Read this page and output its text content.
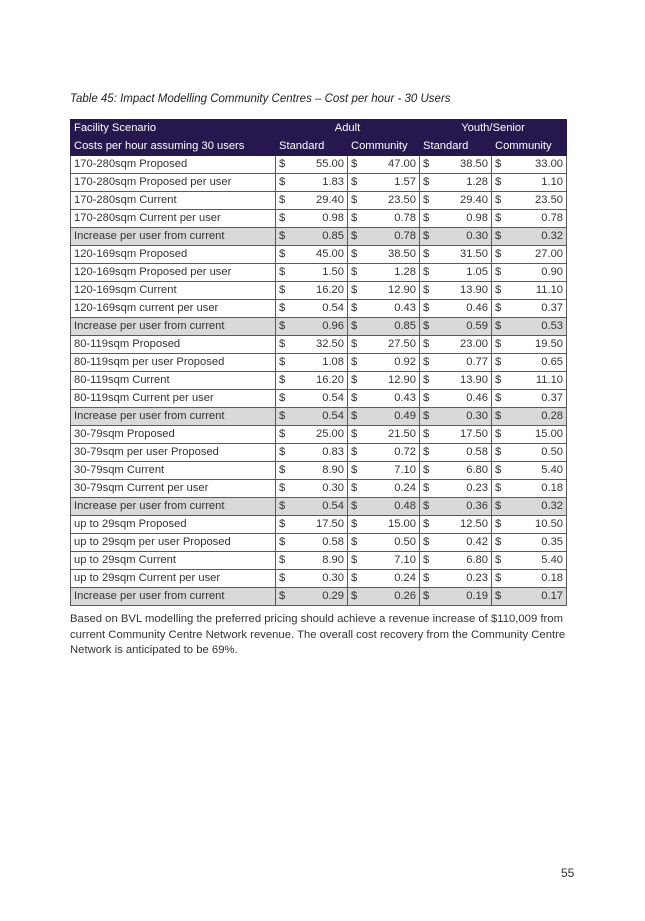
Table 45: Impact Modelling Community Centres – Cost per hour - 30 Users
Facility Scenario	Adult				Youth/Senior			
Costs per hour assuming 30 users	Standard		Community		Standard		Community	
170-280sqm Proposed	$	55.00	$	47.00	$	38.50	$	33.00
170-280sqm Proposed per user	$	1.83	$	1.57	$	1.28	$	1.10
170-280sqm Current	$	29.40	$	23.50	$	29.40	$	23.50
170-280sqm Current per user	$	0.98	$	0.78	$	0.98	$	0.78
Increase per user from current	$	0.85	$	0.78	$	0.30	$	0.32
120-169sqm Proposed	$	45.00	$	38.50	$	31.50	$	27.00
120-169sqm Proposed per user	$	1.50	$	1.28	$	1.05	$	0.90
120-169sqm Current	$	16.20	$	12.90	$	13.90	$	11.10
120-169sqm current per user	$	0.54	$	0.43	$	0.46	$	0.37
Increase per user from current	$	0.96	$	0.85	$	0.59	$	0.53
80-119sqm Proposed	$	32.50	$	27.50	$	23.00	$	19.50
80-119sqm per user Proposed	$	1.08	$	0.92	$	0.77	$	0.65
80-119sqm Current	$	16.20	$	12.90	$	13.90	$	11.10
80-119sqm Current per user	$	0.54	$	0.43	$	0.46	$	0.37
Increase per user from current	$	0.54	$	0.49	$	0.30	$	0.28
30-79sqm Proposed	$	25.00	$	21.50	$	17.50	$	15.00
30-79sqm per user Proposed	$	0.83	$	0.72	$	0.58	$	0.50
30-79sqm Current	$	8.90	$	7.10	$	6.80	$	5.40
30-79sqm Current per user	$	0.30	$	0.24	$	0.23	$	0.18
Increase per user from current	$	0.54	$	0.48	$	0.36	$	0.32
up to 29sqm Proposed	$	17.50	$	15.00	$	12.50	$	10.50
up to 29sqm per user Proposed	$	0.58	$	0.50	$	0.42	$	0.35
up to 29sqm Current	$	8.90	$	7.10	$	6.80	$	5.40
up to 29sqm Current per user	$	0.30	$	0.24	$	0.23	$	0.18
Increase per user from current	$	0.29	$	0.26	$	0.19	$	0.17
Based on BVL modelling the preferred pricing should achieve a revenue increase of $110,009 from current Community Centre Network revenue. The overall cost recovery from the Community Centre Network is anticipated to be 69%.
55
